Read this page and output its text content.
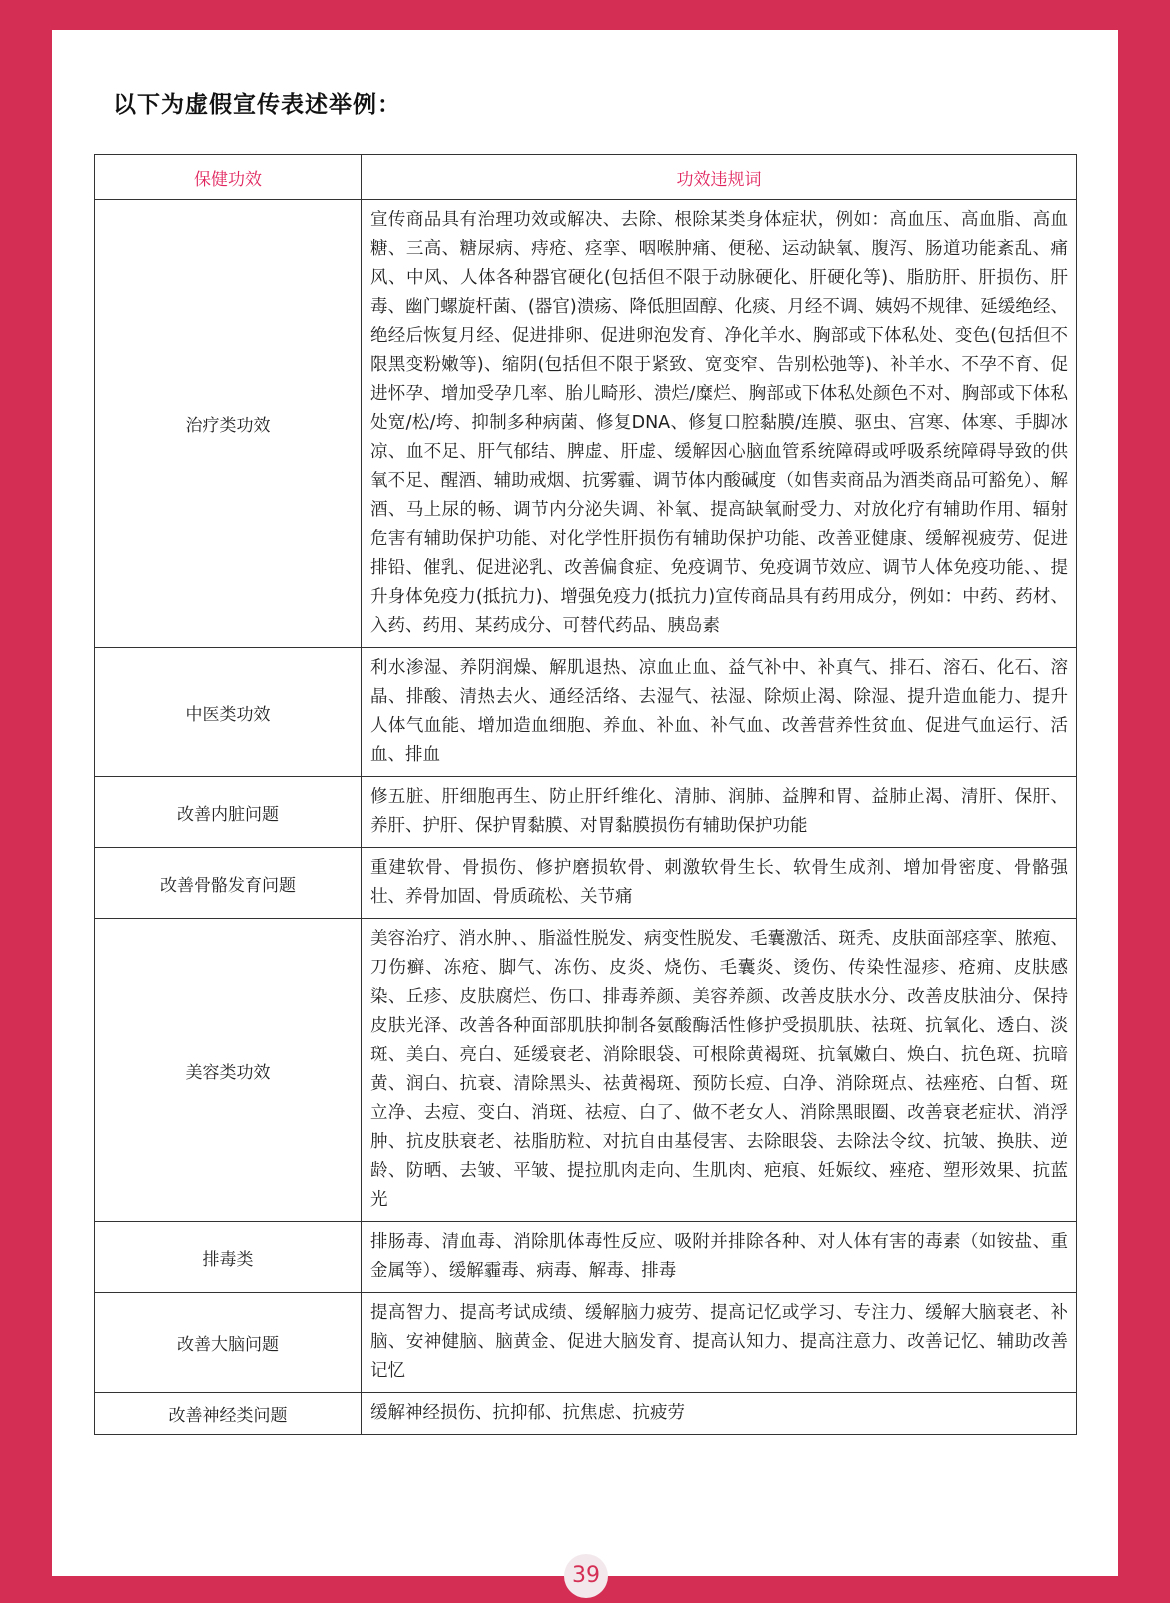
以下为虚假宣传表述举例：
保健功效	功效违规词
治疗类功效	宣传商品具有治理功效或解决、去除、根除某类身体症状，例如：高血压、高血脂、高血糖、三高、糖尿病、痔疮、痉挛、咽喉肿痛、便秘、运动缺氧、腹泻、肠道功能紊乱、痛风、中风、人体各种器官硬化(包括但不限于动脉硬化、肝硬化等)、脂肪肝、肝损伤、肝毒、幽门螺旋杆菌、(器官)溃疡、降低胆固醇、化痰、月经不调、姨妈不规律、延缓绝经、绝经后恢复月经、促进排卵、促进卵泡发育、净化羊水、胸部或下体私处、变色(包括但不限黑变粉嫩等)、缩阴(包括但不限于紧致、宽变窄、告别松弛等)、补羊水、不孕不育、促进怀孕、增加受孕几率、胎儿畸形、溃烂/糜烂、胸部或下体私处颜色不对、胸部或下体私处宽/松/垮、抑制多种病菌、修复DNA、修复口腔黏膜/连膜、驱虫、宫寒、体寒、手脚冰凉、血不足、肝气郁结、脾虚、肝虚、缓解因心脑血管系统障碍或呼吸系统障碍导致的供氧不足、醒酒、辅助戒烟、抗雾霾、调节体内酸碱度（如售卖商品为酒类商品可豁免）、解酒、马上尿的畅、调节内分泌失调、补氧、提高缺氧耐受力、对放化疗有辅助作用、辐射危害有辅助保护功能、对化学性肝损伤有辅助保护功能、改善亚健康、缓解视疲劳、促进排铅、催乳、促进泌乳、改善偏食症、免疫调节、免疫调节效应、调节人体免疫功能、、提升身体免疫力(抵抗力)、增强免疫力(抵抗力)宣传商品具有药用成分，例如：中药、药材、入药、药用、某药成分、可替代药品、胰岛素
中医类功效	利水渗湿、养阴润燥、解肌退热、凉血止血、益气补中、补真气、排石、溶石、化石、溶晶、排酸、清热去火、通经活络、去湿气、祛湿、除烦止渴、除湿、提升造血能力、提升人体气血能、增加造血细胞、养血、补血、补气血、改善营养性贫血、促进气血运行、活血、排血
改善内脏问题	修五脏、肝细胞再生、防止肝纤维化、清肺、润肺、益脾和胃、益肺止渴、清肝、保肝、养肝、护肝、保护胃黏膜、对胃黏膜损伤有辅助保护功能
改善骨骼发育问题	重建软骨、骨损伤、修护磨损软骨、刺激软骨生长、软骨生成剂、增加骨密度、骨骼强壮、养骨加固、骨质疏松、关节痛
美容类功效	美容治疗、消水肿、、脂溢性脱发、病变性脱发、毛囊激活、斑秃、皮肤面部痉挛、脓疱、刀伤癣、冻疮、脚气、冻伤、皮炎、烧伤、毛囊炎、烫伤、传染性湿疹、疮痈、皮肤感染、丘疹、皮肤腐烂、伤口、排毒养颜、美容养颜、改善皮肤水分、改善皮肤油分、保持皮肤光泽、改善各种面部肌肤抑制各氨酸酶活性修护受损肌肤、祛斑、抗氧化、透白、淡斑、美白、亮白、延缓衰老、消除眼袋、可根除黄褐斑、抗氧嫩白、焕白、抗色斑、抗暗黄、润白、抗衰、清除黑头、祛黄褐斑、预防长痘、白净、消除斑点、祛痤疮、白皙、斑立净、去痘、变白、消斑、祛痘、白了、做不老女人、消除黑眼圈、改善衰老症状、消浮肿、抗皮肤衰老、祛脂肪粒、对抗自由基侵害、去除眼袋、去除法令纹、抗皱、换肤、逆龄、防晒、去皱、平皱、提拉肌肉走向、生肌肉、疤痕、妊娠纹、痤疮、塑形效果、抗蓝光
排毒类	排肠毒、清血毒、消除肌体毒性反应、吸附并排除各种、对人体有害的毒素（如铵盐、重金属等）、缓解霾毒、病毒、解毒、排毒
改善大脑问题	提高智力、提高考试成绩、缓解脑力疲劳、提高记忆或学习、专注力、缓解大脑衰老、补脑、安神健脑、脑黄金、促进大脑发育、提高认知力、提高注意力、改善记忆、辅助改善记忆
改善神经类问题	缓解神经损伤、抗抑郁、抗焦虑、抗疲劳
39
